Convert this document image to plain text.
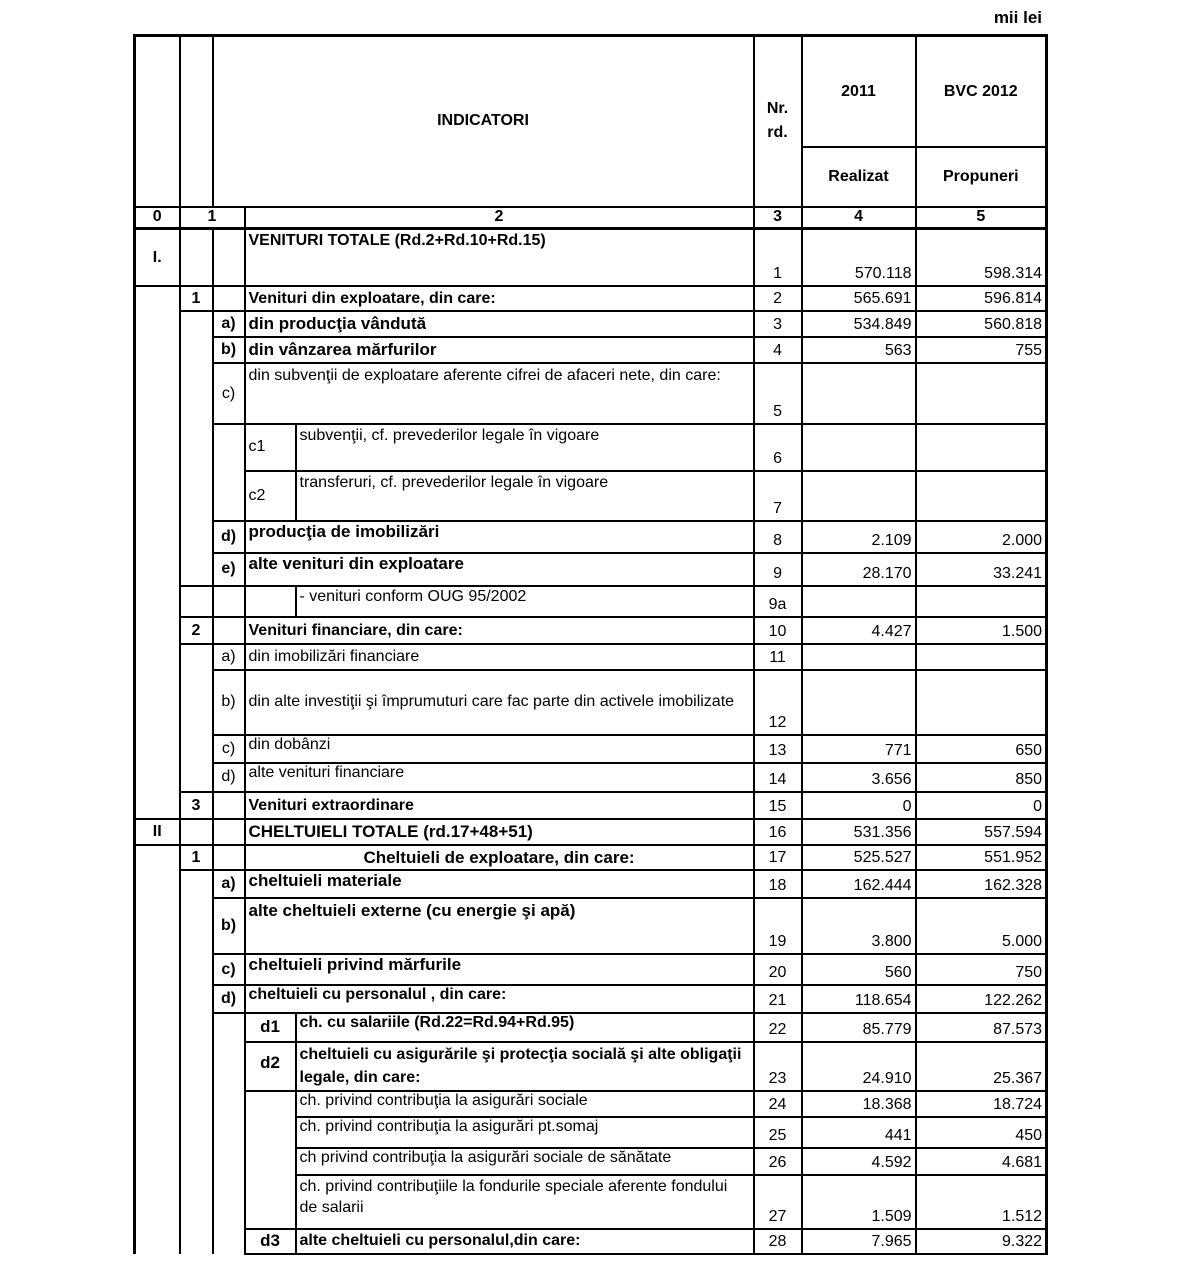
mii lei
		INDICATORI			Nr. rd.	2011	BVC 2012
						Realizat	Propuneri
0	1		2		3	4	5
I.			VENITURI TOTALE (Rd.2+Rd.10+Rd.15)		1	570.118	598.314
	1		Venituri din exploatare, din care:		2	565.691	596.814
		a)	din producţia vândută		3	534.849	560.818
		b)	din vânzarea mărfurilor		4	563	755
		c)	din subvenţii de exploatare aferente cifrei de afaceri nete, din care:		5		
			c1	subvenţii, cf. prevederilor legale în vigoare	6		
			c2	transferuri, cf. prevederilor legale în vigoare	7		
		d)	producţia de imobilizări		8	2.109	2.000
		e)	alte venituri din exploatare		9	28.170	33.241
				- venituri conform OUG 95/2002	9a		
	2		Venituri financiare, din care:		10	4.427	1.500
		a)	din imobilizări financiare		11		
		b)	din alte investiţii şi împrumuturi care fac parte din activele imobilizate		12		
		c)	din dobânzi		13	771	650
		d)	alte venituri financiare		14	3.656	850
	3		Venituri extraordinare		15	0	0
II			CHELTUIELI TOTALE (rd.17+48+51)		16	531.356	557.594
	1		Cheltuieli de exploatare, din care:		17	525.527	551.952
		a)	cheltuieli materiale		18	162.444	162.328
		b)	alte cheltuieli externe (cu energie şi apă)		19	3.800	5.000
		c)	cheltuieli privind mărfurile		20	560	750
		d)	cheltuieli cu personalul , din care:		21	118.654	122.262
			d1	ch. cu salariile (Rd.22=Rd.94+Rd.95)	22	85.779	87.573
			d2	cheltuieli cu asigurările şi protecţia socială şi alte obligaţii legale, din care:	23	24.910	25.367
				ch. privind contribuţia la asigurări sociale	24	18.368	18.724
				ch. privind contribuţia la asigurări pt.somaj	25	441	450
				ch privind contribuţia la asigurări sociale de sănătate	26	4.592	4.681
				ch. privind contribuţiile la fondurile speciale aferente fondului de salarii	27	1.509	1.512
			d3	alte cheltuieli cu personalul,din care:	28	7.965	9.322
